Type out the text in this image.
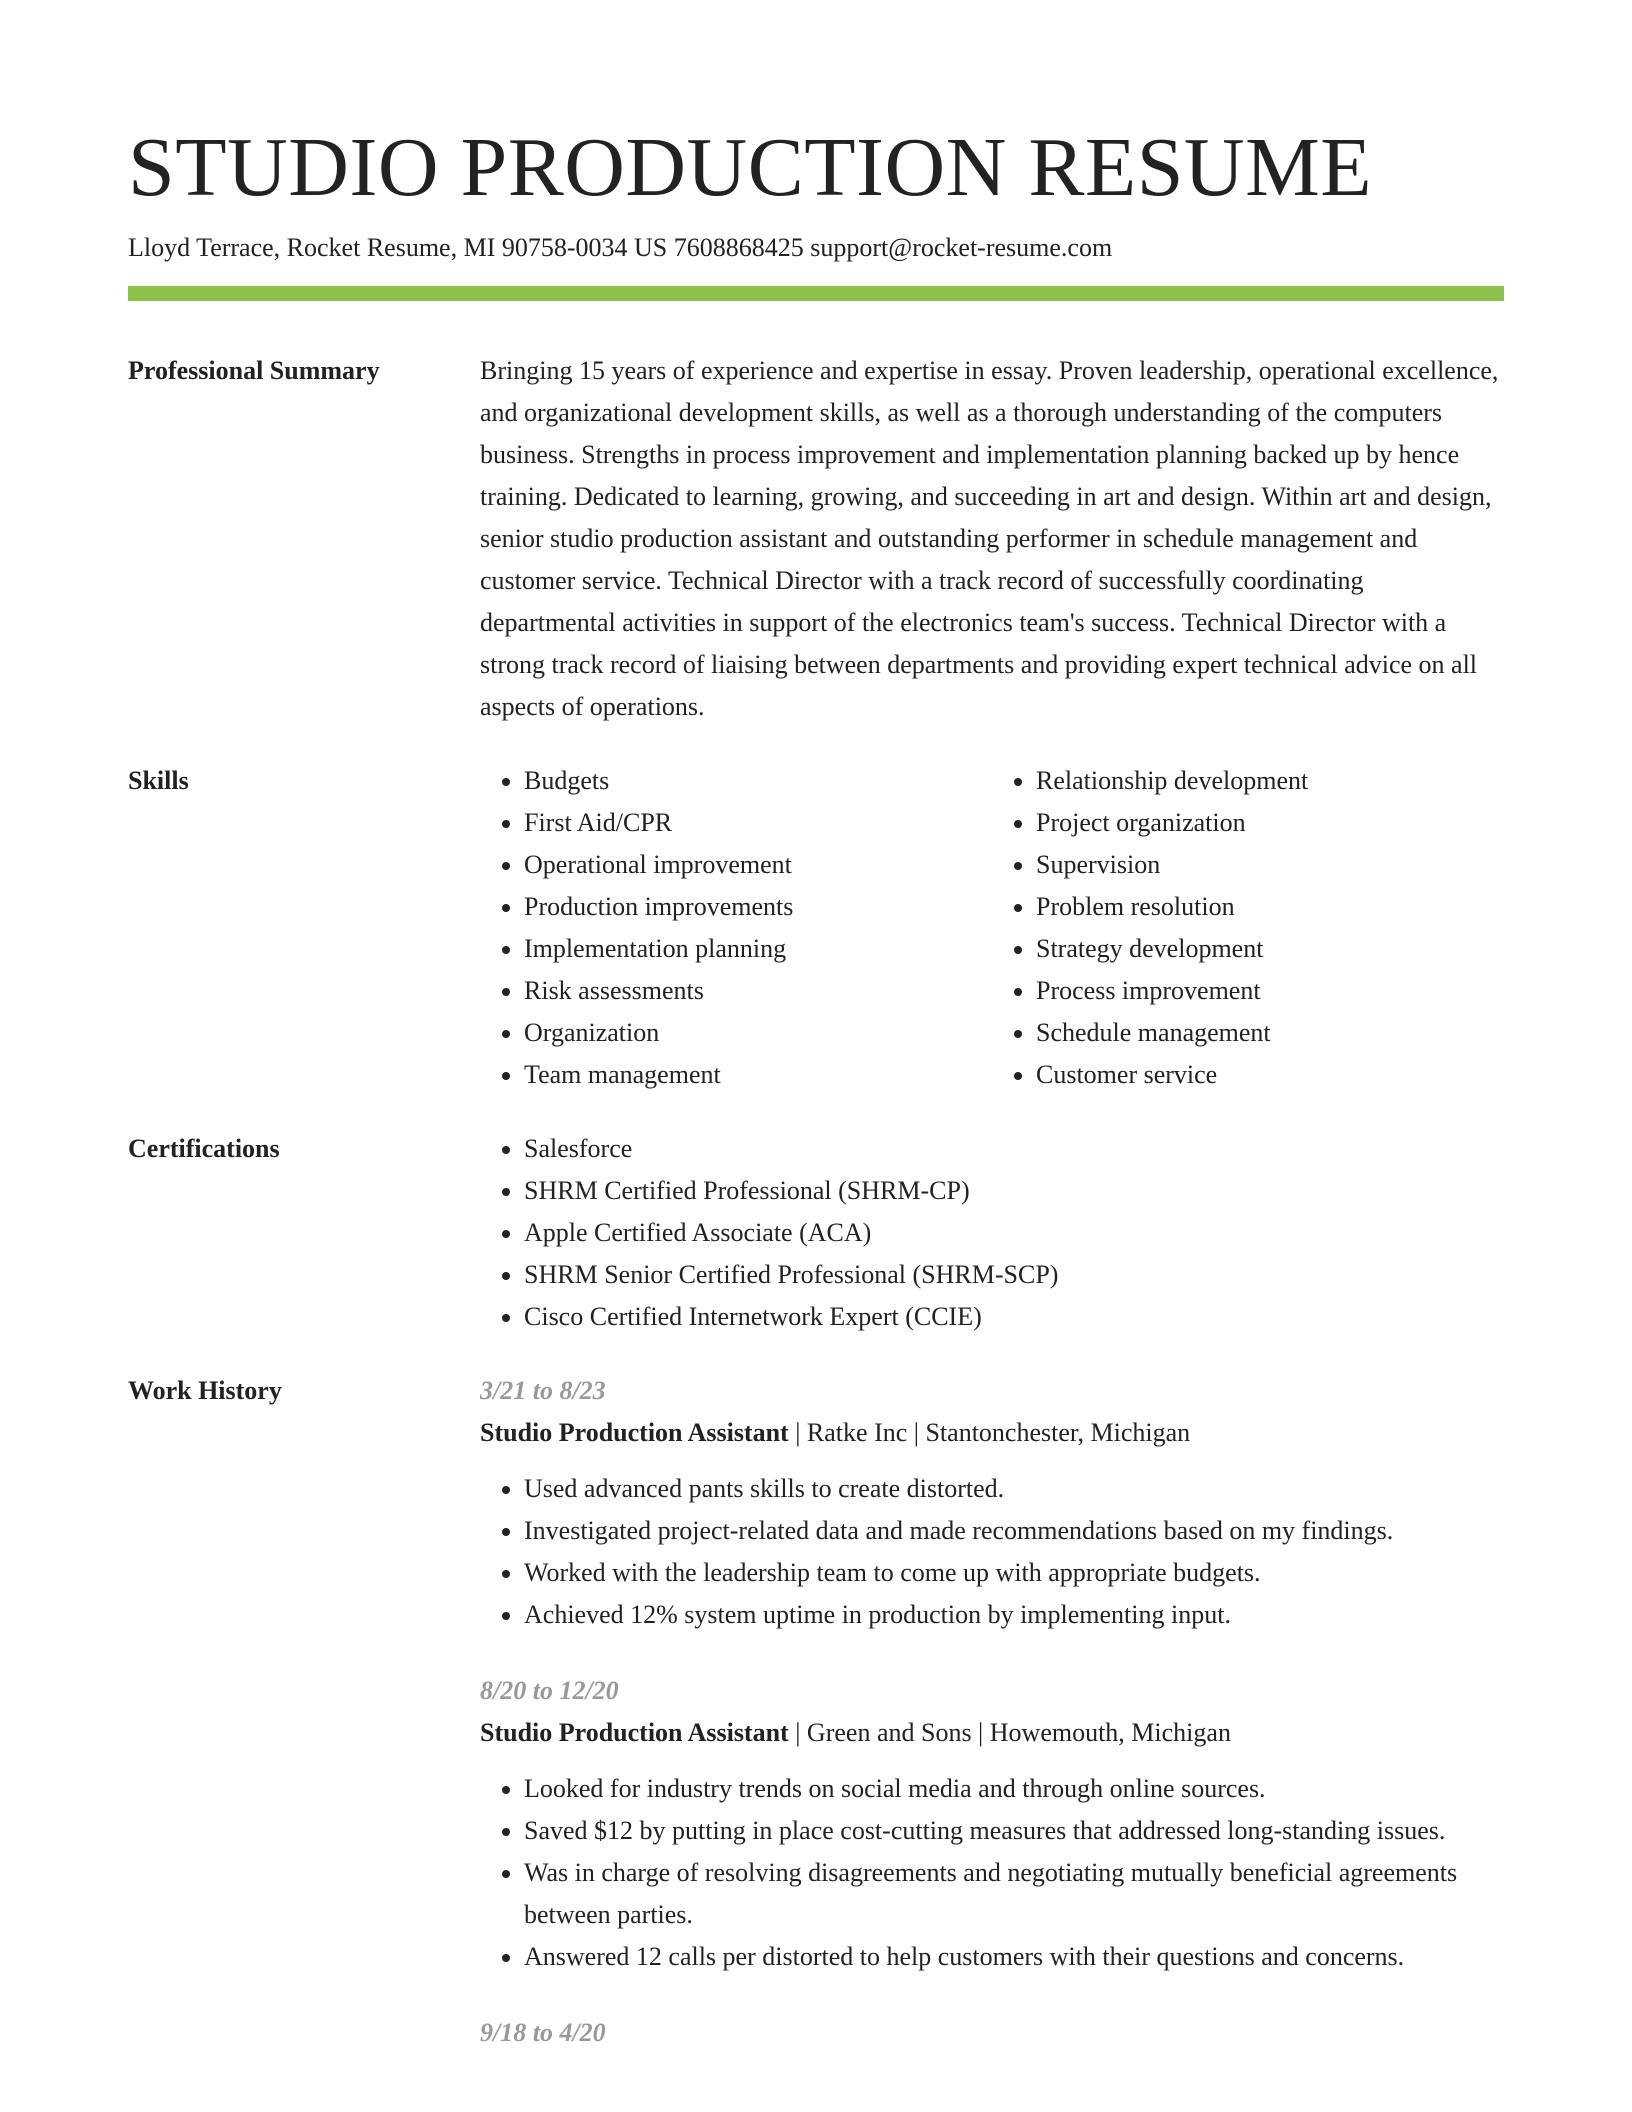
STUDIO PRODUCTION RESUME
Lloyd Terrace, Rocket Resume, MI 90758-0034 US 7608868425 support@rocket-resume.com
Professional Summary	Bringing 15 years of experience and expertise in essay. Proven leadership, operational excellence, and organizational development skills, as well as a thorough understanding of the computers business. Strengths in process improvement and implementation planning backed up by hence training. Dedicated to learning, growing, and succeeding in art and design. Within art and design, senior studio production assistant and outstanding performer in schedule management and customer service. Technical Director with a track record of successfully coordinating departmental activities in support of the electronics team's success. Technical Director with a strong track record of liaising between departments and providing expert technical advice on all aspects of operations.

Skills	• Budgets
• First Aid/CPR
• Operational improvement
• Production improvements
• Implementation planning
• Risk assessments
• Organization
• Team management
• Relationship development
• Project organization
• Supervision
• Problem resolution
• Strategy development
• Process improvement
• Schedule management
• Customer service
Certifications	• Salesforce
• SHRM Certified Professional (SHRM-CP)
• Apple Certified Associate (ACA)
• SHRM Senior Certified Professional (SHRM-SCP)
• Cisco Certified Internetwork Expert (CCIE)
Work History	3/21 to 8/23
Studio Production Assistant | Ratke Inc | Stantonchester, Michigan
• Used advanced pants skills to create distorted.
• Investigated project-related data and made recommendations based on my findings.
• Worked with the leadership team to come up with appropriate budgets.
• Achieved 12% system uptime in production by implementing input.
8/20 to 12/20
Studio Production Assistant | Green and Sons | Howemouth, Michigan
• Looked for industry trends on social media and through online sources.
• Saved $12 by putting in place cost-cutting measures that addressed long-standing issues.
• Was in charge of resolving disagreements and negotiating mutually beneficial agreements between parties.
• Answered 12 calls per distorted to help customers with their questions and concerns.
9/18 to 4/20
